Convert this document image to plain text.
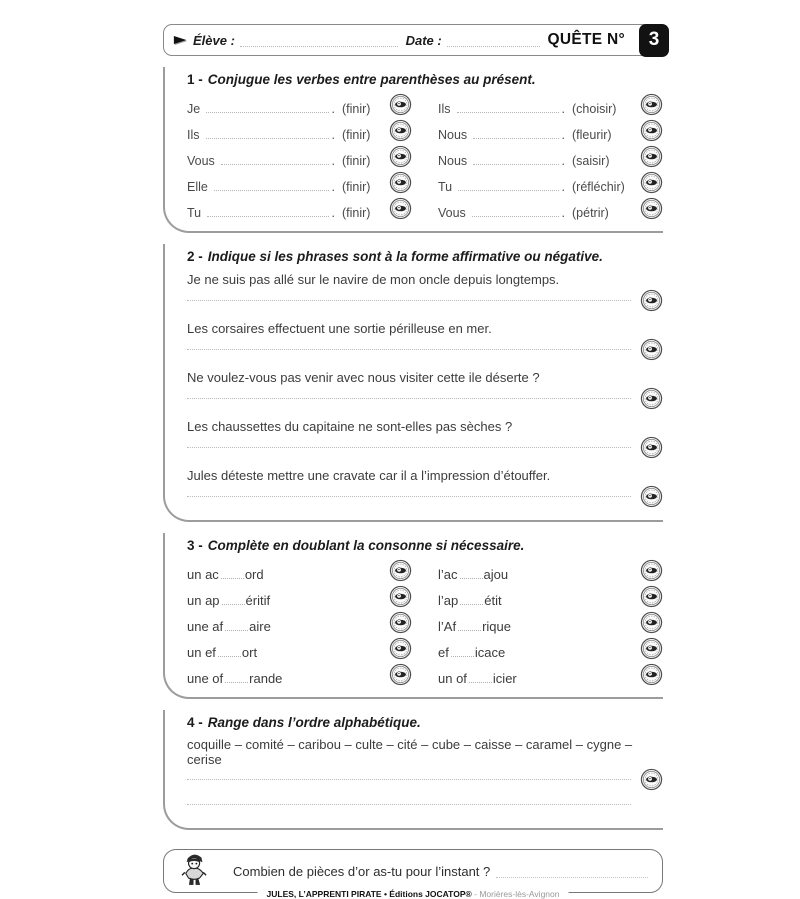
Élève :	Date :	QUÊTE N°	3
1 - Conjugue les verbes entre parenthèses au présent.
Je	. (finir)	Ils	. (choisir)
Ils	. (finir)	Nous	. (fleurir)
Vous	. (finir)	Nous	. (saisir)
Elle	. (finir)	Tu	. (réfléchir)
Tu	. (finir)	Vous	. (pétrir)
2 - Indique si les phrases sont à la forme affirmative ou négative.
Je ne suis pas allé sur le navire de mon oncle depuis longtemps.
Les corsaires effectuent une sortie périlleuse en mer.
Ne voulez-vous pas venir avec nous visiter cette ile déserte ?
Les chaussettes du capitaine ne sont-elles pas sèches ?
Jules déteste mettre une cravate car il a l’impression d’étouffer.
3 - Complète en doublant la consonne si nécessaire.
un ac ord	l’ac ajou
un ap éritif	l’ap étit
une af aire	l’Af rique
un ef ort	ef icace
une of rande	un of icier
4 - Range dans l’ordre alphabétique.
coquille – comité – caribou – culte – cité – cube – caisse – caramel – cygne – cerise
Combien de pièces d’or as-tu pour l’instant ?
JULES, L’APPRENTI PIRATE • Éditions JOCATOP® - Morières-lès-Avignon
